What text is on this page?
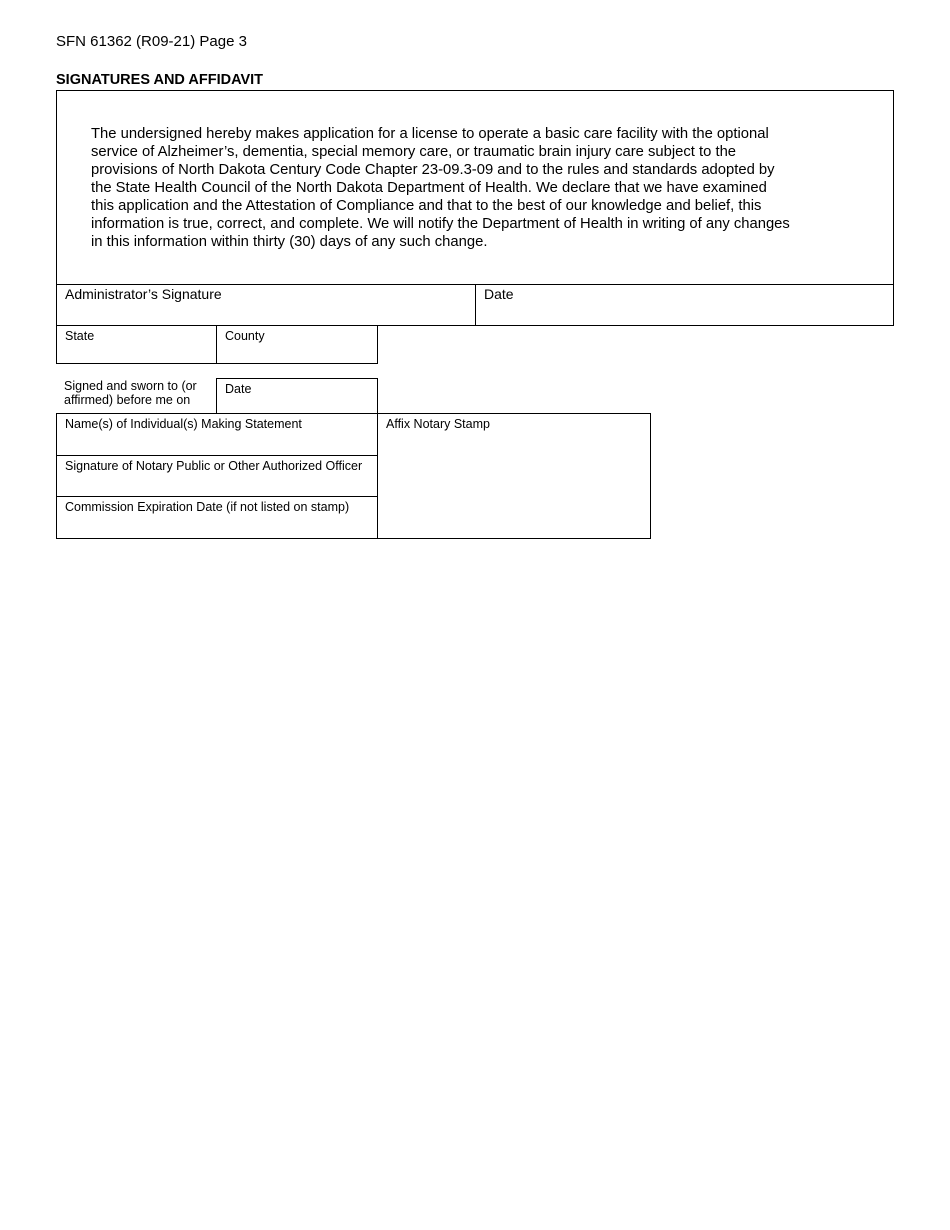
SFN 61362 (R09-21) Page 3
SIGNATURES AND AFFIDAVIT
The undersigned hereby makes application for a license to operate a basic care facility with the optional
service of Alzheimer’s, dementia, special memory care, or traumatic brain injury care subject to the
provisions of North Dakota Century Code Chapter 23-09.3-09 and to the rules and standards adopted by
the State Health Council of the North Dakota Department of Health. We declare that we have examined
this application and the Attestation of Compliance and that to the best of our knowledge and belief, this
information is true, correct, and complete. We will notify the Department of Health in writing of any changes
in this information within thirty (30) days of any such change.
Administrator’s Signature	Date
State	County
Signed and sworn to (or
affirmed) before me on
Date
Name(s) of Individual(s) Making Statement
Signature of Notary Public or Other Authorized Officer
Commission Expiration Date (if not listed on stamp)
Affix Notary Stamp
